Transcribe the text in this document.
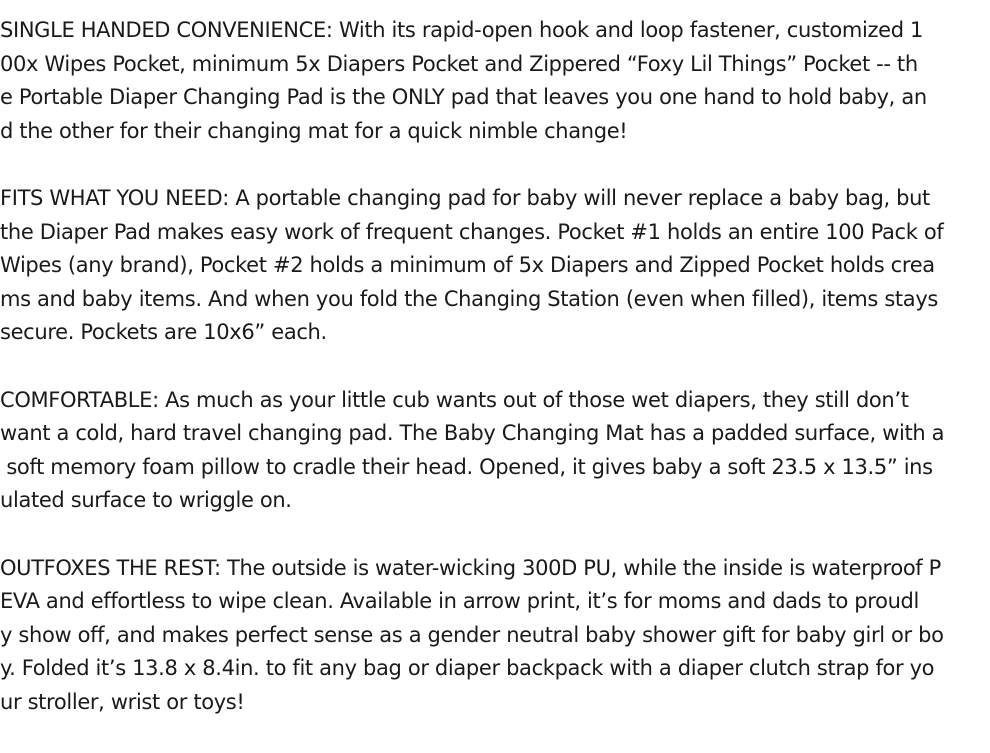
SINGLE HANDED CONVENIENCE: With its rapid-open hook and loop fastener, customized 1
00x Wipes Pocket, minimum 5x Diapers Pocket and Zippered “Foxy Lil Things” Pocket -- th
e Portable Diaper Changing Pad is the ONLY pad that leaves you one hand to hold baby, an
d the other for their changing mat for a quick nimble change!
FITS WHAT YOU NEED: A portable changing pad for baby will never replace a baby bag, but
the Diaper Pad makes easy work of frequent changes. Pocket #1 holds an entire 100 Pack of
Wipes (any brand), Pocket #2 holds a minimum of 5x Diapers and Zipped Pocket holds crea
ms and baby items. And when you fold the Changing Station (even when filled), items stays
secure. Pockets are 10x6” each.
COMFORTABLE: As much as your little cub wants out of those wet diapers, they still don’t
want a cold, hard travel changing pad. The Baby Changing Mat has a padded surface, with a
soft memory foam pillow to cradle their head. Opened, it gives baby a soft 23.5 x 13.5” ins
ulated surface to wriggle on.
OUTFOXES THE REST: The outside is water-wicking 300D PU, while the inside is waterproof P
EVA and effortless to wipe clean. Available in arrow print, it’s for moms and dads to proudl
y show off, and makes perfect sense as a gender neutral baby shower gift for baby girl or bo
y. Folded it’s 13.8 x 8.4in. to fit any bag or diaper backpack with a diaper clutch strap for yo
ur stroller, wrist or toys!
